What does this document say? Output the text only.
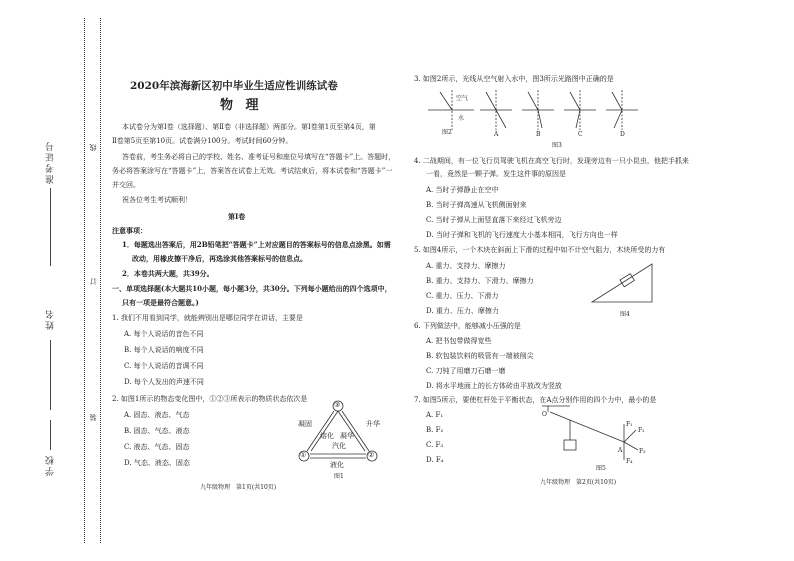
准考证号
姓名
学校
线
订
装
2020年滨海新区初中毕业生适应性训练试卷
物 理
本试卷分为第Ⅰ卷（选择题）、第Ⅱ卷（非选择题）两部分。第Ⅰ卷第1页至第4页，第
Ⅱ卷第5页至第10页。试卷满分100分。考试时间60分钟。
答卷前，考生务必将自己的学校、姓名、准考证号和座位号填写在“答题卡”上。答题时，
务必将答案涂写在“答题卡”上，答案答在试卷上无效。考试结束后，将本试卷和“答题卡”一
并交回。
祝各位考生考试顺利！
第Ⅰ卷
注意事项：
1．每题选出答案后，用2B铅笔把“答题卡”上对应题目的答案标号的信息点涂黑。如需
改动，用橡皮擦干净后，再选涂其他答案标号的信息点。
2．本卷共两大题，共39分。
一、单项选择题(本大题共10小题，每小题3分，共30分。下列每小题给出的四个选项中，
只有一项是最符合题意。)
1. 我们不用看到同学，就能辨别出是哪位同学在讲话，主要是
A. 每个人说话的音色不同
B. 每个人说话的响度不同
C. 每个人说话的音调不同
D. 每个人发出的声速不同
2. 如图1所示的物态变化图中，①②③所表示的物质状态依次是
A. 固态、液态、气态
B. 固态、气态、液态
C. 液态、气态、固态
D. 气态、液态、固态
③
①	②
凝固
熔化 凝华
汽化
升华
液化
图1
九年级物理　第1页(共10页)
3. 如图2所示，光线从空气射入水中，图3所示光路图中正确的是
空气
水
图2	A	B	C	D
图3
4. 二战期间，有一位飞行员驾驶飞机在高空飞行时，发现旁边有一只小昆虫，他把手抓来
一看，竟然是一颗子弹。发生这件事的原因是
A. 当时子弹静止在空中
B. 当时子弹高速从飞机侧面射来
C. 当时子弹从上面竖直落下来经过飞机旁边
D. 当时子弹和飞机的飞行速度大小基本相同，飞行方向也一样
5. 如图4所示，一个木块在斜面上下滑的过程中如不计空气阻力，木块所受的力有
A. 重力、支持力、摩擦力
B. 重力、支持力、下滑力、摩擦力
C. 重力、压力、下滑力
D. 重力、压力、摩擦力	图4
6. 下列做法中，能够减小压强的是
A. 把书包带做得宽些
B. 软包装饮料的吸管有一端被削尖
C. 刀钝了用磨刀石磨一磨
D. 将水平地面上的长方体砖由平放改为竖放
7. 如图5所示，要使杠杆处于平衡状态，在A点分别作用的四个力中，最小的是
A. F₁
B. F₂
C. F₃
D. F₄
O
A
F₁
F₂
F₃
F₄
图5
九年级物理　第2页(共10页)
